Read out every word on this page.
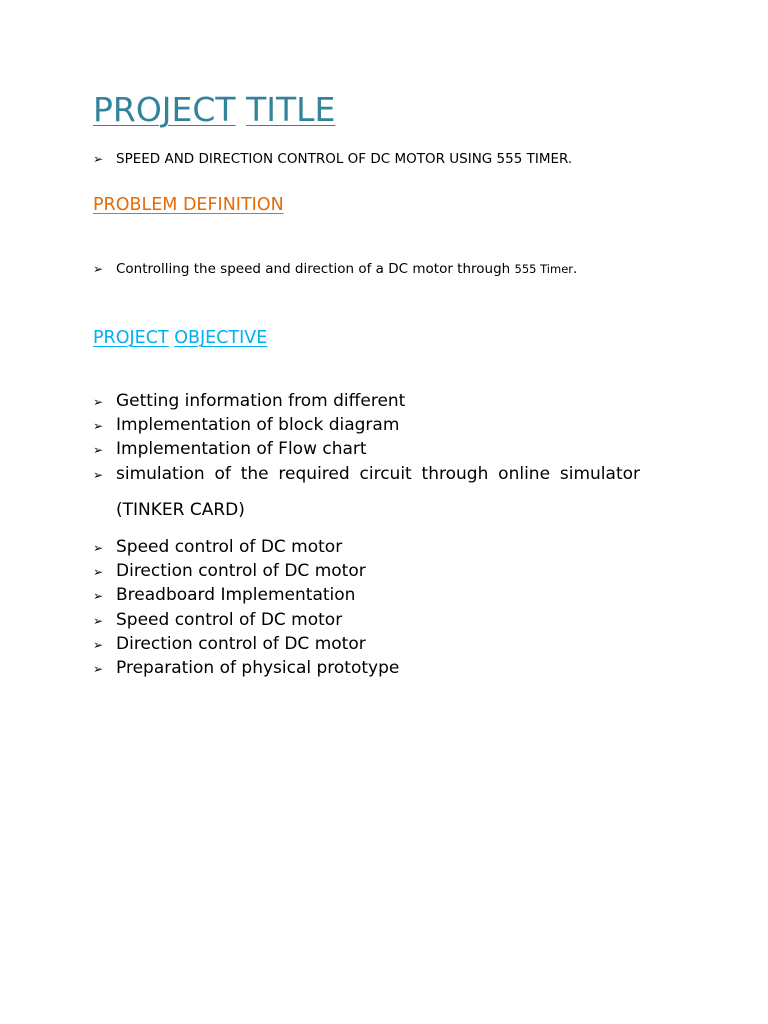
PROJECT TITLE
➢ SPEED AND DIRECTION CONTROL OF DC MOTOR USING 555 TIMER.
PROBLEM DEFINITION
➢ Controlling the speed and direction of a DC motor through 555 Timer.
PROJECT OBJECTIVE
➢ Getting information from different
➢ Implementation of block diagram
➢ Implementation of Flow chart
➢ simulation of the required circuit through online simulator
(TINKER CARD)
➢ Speed control of DC motor
➢ Direction control of DC motor
➢ Breadboard Implementation
➢ Speed control of DC motor
➢ Direction control of DC motor
➢ Preparation of physical prototype
